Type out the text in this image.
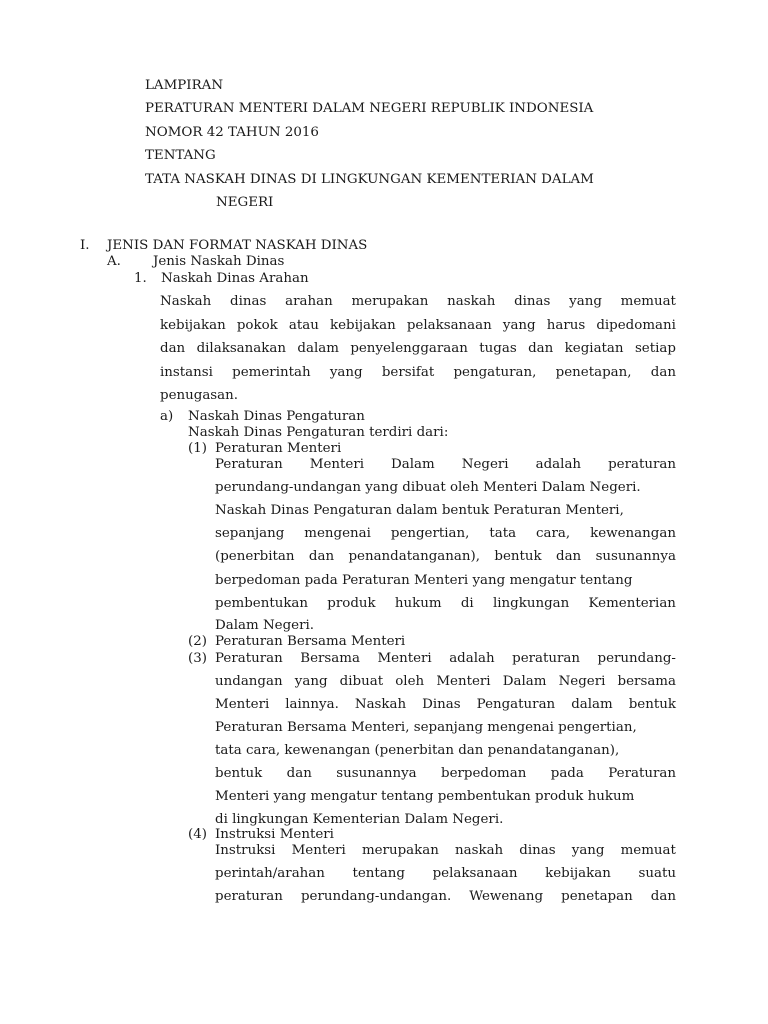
LAMPIRAN
PERATURAN MENTERI DALAM NEGERI REPUBLIK INDONESIA
NOMOR 42 TAHUN 2016
TENTANG
TATA NASKAH DINAS DI LINGKUNGAN KEMENTERIAN DALAM
NEGERI
I. JENIS DAN FORMAT NASKAH DINAS
A. Jenis Naskah Dinas
1. Naskah Dinas Arahan
Naskah dinas arahan merupakan naskah dinas yang memuat
kebijakan pokok atau kebijakan pelaksanaan yang harus dipedomani
dan dilaksanakan dalam penyelenggaraan tugas dan kegiatan setiap
instansi pemerintah yang bersifat pengaturan, penetapan, dan
penugasan.
a) Naskah Dinas Pengaturan
Naskah Dinas Pengaturan terdiri dari:
(1) Peraturan Menteri
Peraturan Menteri Dalam Negeri adalah peraturan
perundang-undangan yang dibuat oleh Menteri Dalam Negeri.
Naskah Dinas Pengaturan dalam bentuk Peraturan Menteri,
sepanjang mengenai pengertian, tata cara, kewenangan
(penerbitan dan penandatanganan), bentuk dan susunannya
berpedoman pada Peraturan Menteri yang mengatur tentang
pembentukan produk hukum di lingkungan Kementerian
Dalam Negeri.
(2) Peraturan Bersama Menteri
(3) Peraturan Bersama Menteri adalah peraturan perundang-
undangan yang dibuat oleh Menteri Dalam Negeri bersama
Menteri lainnya. Naskah Dinas Pengaturan dalam bentuk
Peraturan Bersama Menteri, sepanjang mengenai pengertian,
tata cara, kewenangan (penerbitan dan penandatanganan),
bentuk dan susunannya berpedoman pada Peraturan
Menteri yang mengatur tentang pembentukan produk hukum
di lingkungan Kementerian Dalam Negeri.
(4) Instruksi Menteri
Instruksi Menteri merupakan naskah dinas yang memuat
perintah/arahan tentang pelaksanaan kebijakan suatu
peraturan perundang-undangan. Wewenang penetapan dan
